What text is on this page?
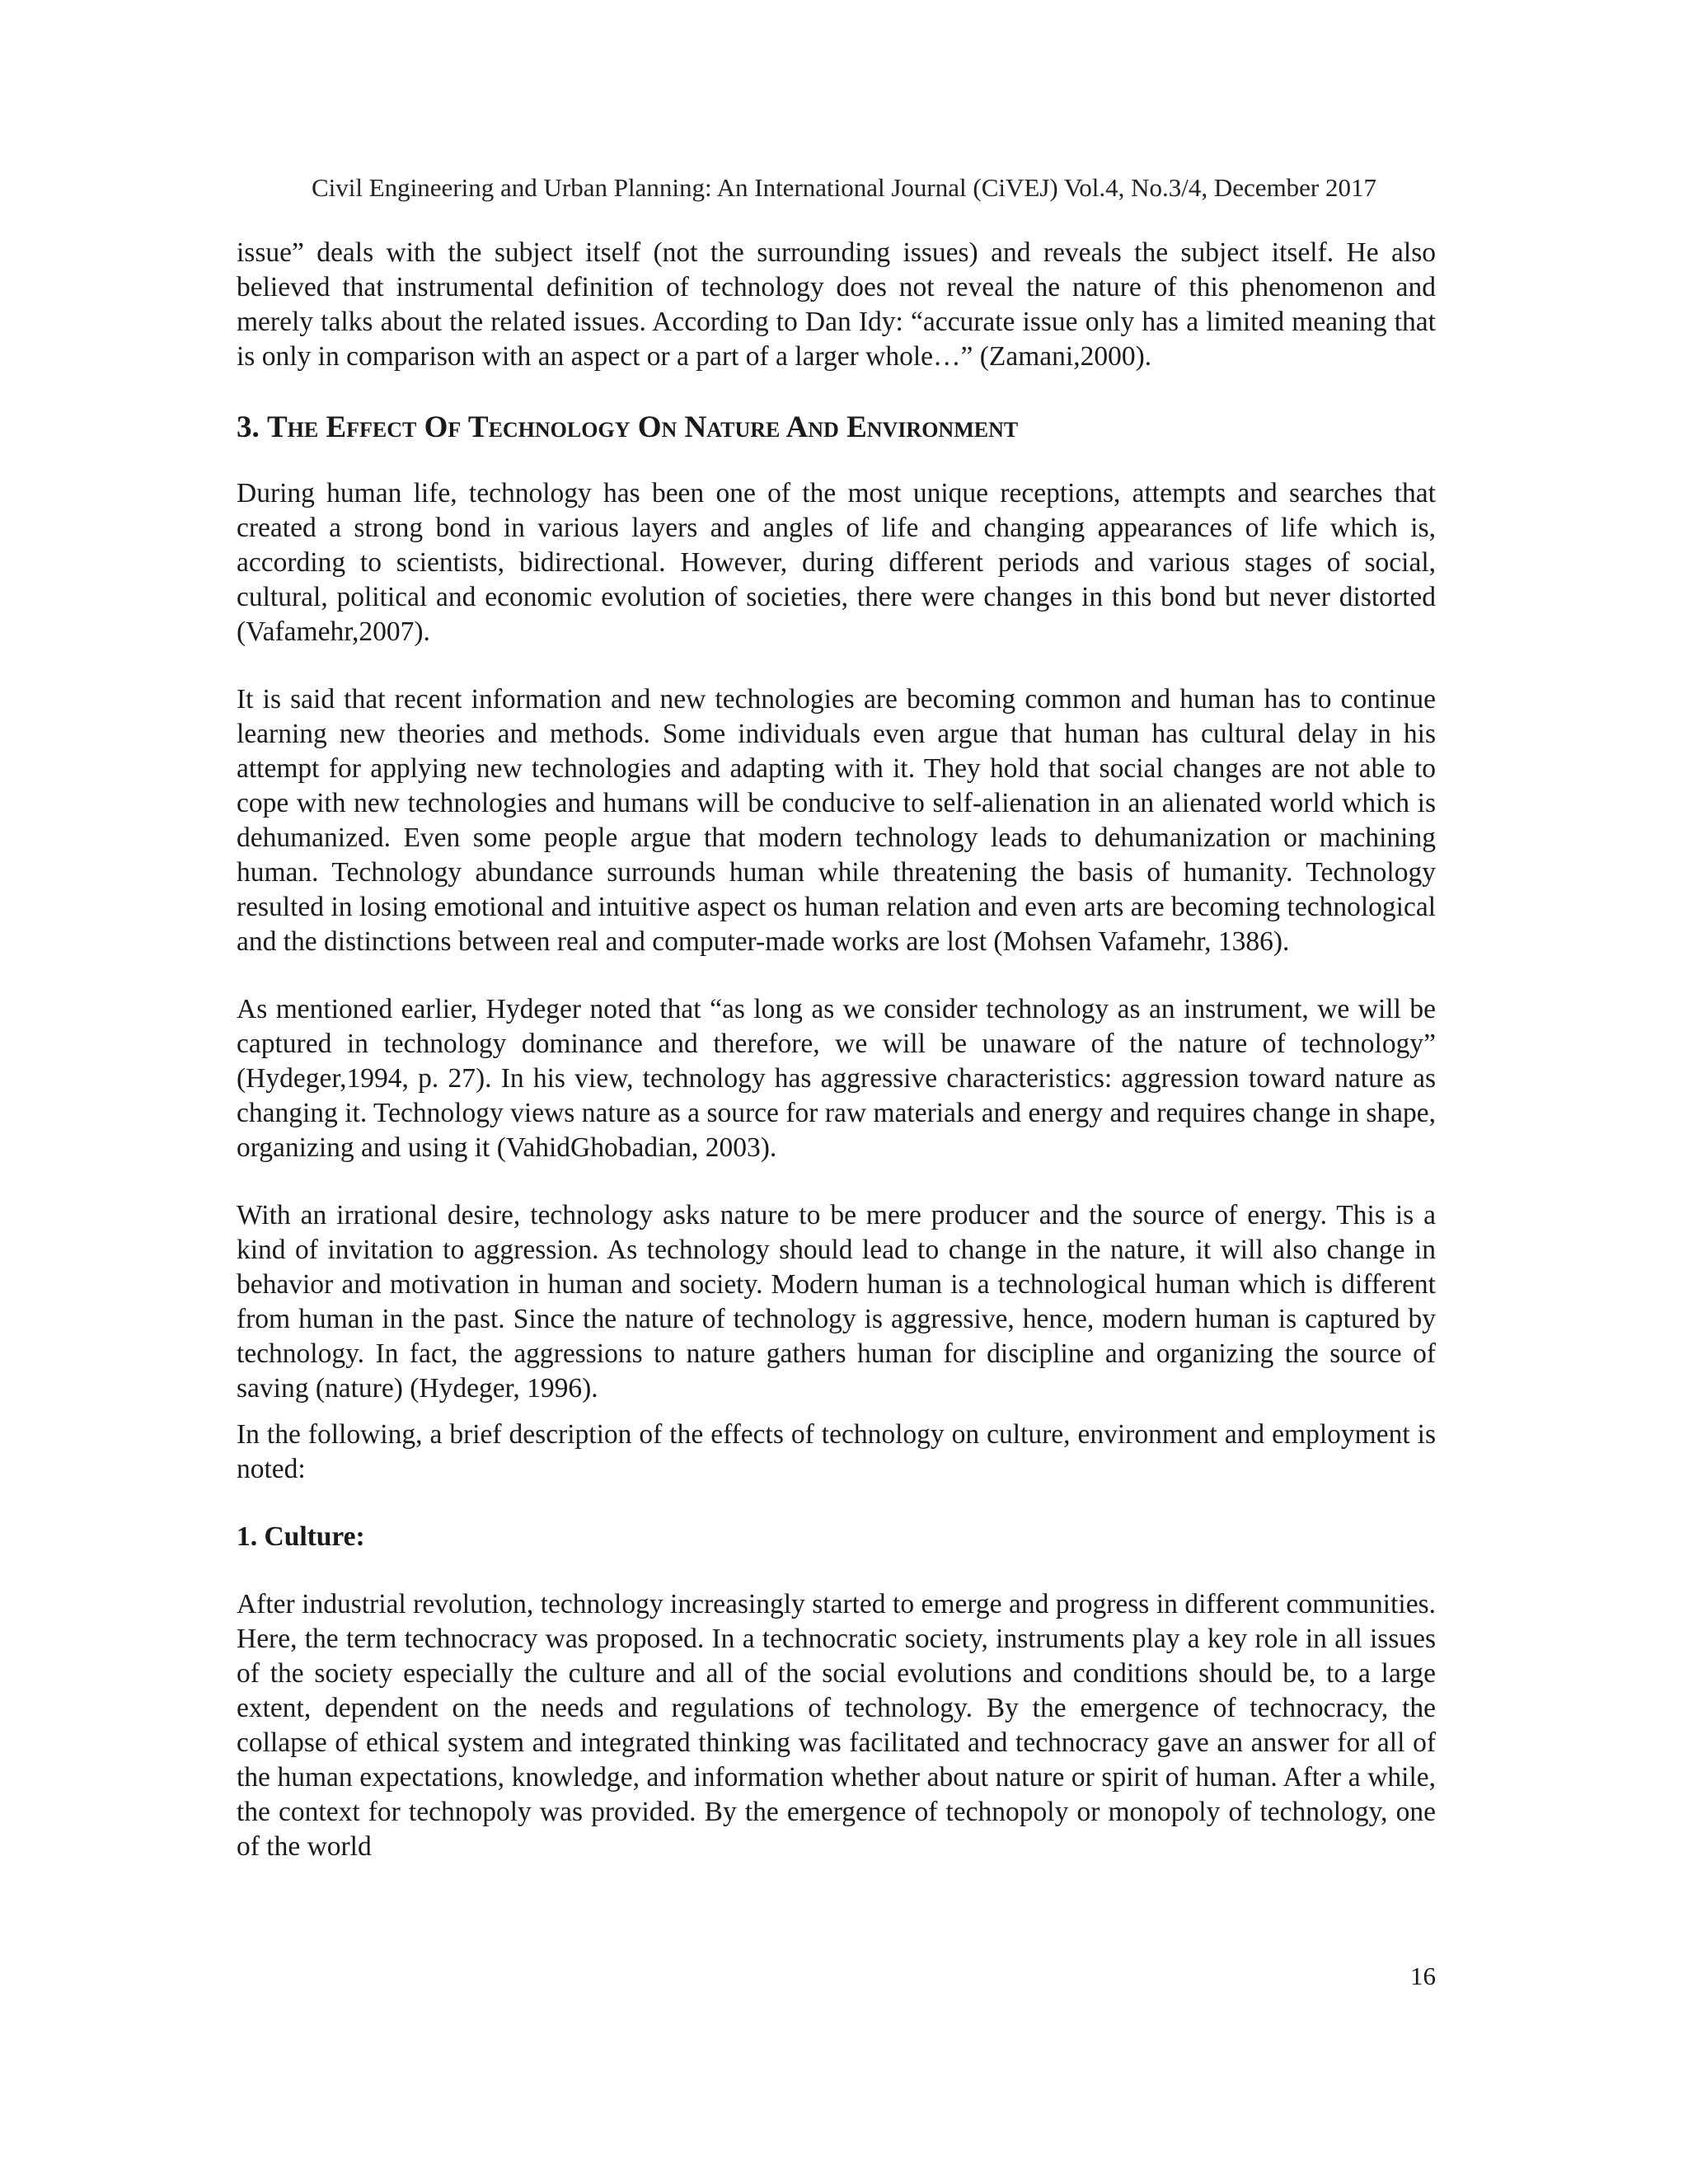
Civil Engineering and Urban Planning: An International Journal (CiVEJ) Vol.4, No.3/4, December 2017

issue” deals with the subject itself (not the surrounding issues) and reveals the subject itself. He also believed that instrumental definition of technology does not reveal the nature of this phenomenon and merely talks about the related issues. According to Dan Idy: “accurate issue only has a limited meaning that is only in comparison with an aspect or a part of a larger whole…” (Zamani,2000).

3. The Effect Of Technology On Nature And Environment

During human life, technology has been one of the most unique receptions, attempts and searches that created a strong bond in various layers and angles of life and changing appearances of life which is, according to scientists, bidirectional. However, during different periods and various stages of social, cultural, political and economic evolution of societies, there were changes in this bond but never distorted (Vafamehr,2007).

It is said that recent information and new technologies are becoming common and human has to continue learning new theories and methods. Some individuals even argue that human has cultural delay in his attempt for applying new technologies and adapting with it. They hold that social changes are not able to cope with new technologies and humans will be conducive to self-alienation in an alienated world which is dehumanized. Even some people argue that modern technology leads to dehumanization or machining human. Technology abundance surrounds human while threatening the basis of humanity. Technology resulted in losing emotional and intuitive aspect os human relation and even arts are becoming technological and the distinctions between real and computer-made works are lost (Mohsen Vafamehr, 1386).

As mentioned earlier, Hydeger noted that “as long as we consider technology as an instrument, we will be captured in technology dominance and therefore, we will be unaware of the nature of technology” (Hydeger,1994, p. 27). In his view, technology has aggressive characteristics: aggression toward nature as changing it. Technology views nature as a source for raw materials and energy and requires change in shape, organizing and using it (VahidGhobadian, 2003).

With an irrational desire, technology asks nature to be mere producer and the source of energy. This is a kind of invitation to aggression. As technology should lead to change in the nature, it will also change in behavior and motivation in human and society. Modern human is a technological human which is different from human in the past. Since the nature of technology is aggressive, hence, modern human is captured by technology. In fact, the aggressions to nature gathers human for discipline and organizing the source of saving (nature) (Hydeger, 1996).

In the following, a brief description of the effects of technology on culture, environment and employment is noted:

1. Culture:

After industrial revolution, technology increasingly started to emerge and progress in different communities. Here, the term technocracy was proposed. In a technocratic society, instruments play a key role in all issues of the society especially the culture and all of the social evolutions and conditions should be, to a large extent, dependent on the needs and regulations of technology. By the emergence of technocracy, the collapse of ethical system and integrated thinking was facilitated and technocracy gave an answer for all of the human expectations, knowledge, and information whether about nature or spirit of human. After a while, the context for technopoly was provided. By the emergence of technopoly or monopoly of technology, one of the world

16
